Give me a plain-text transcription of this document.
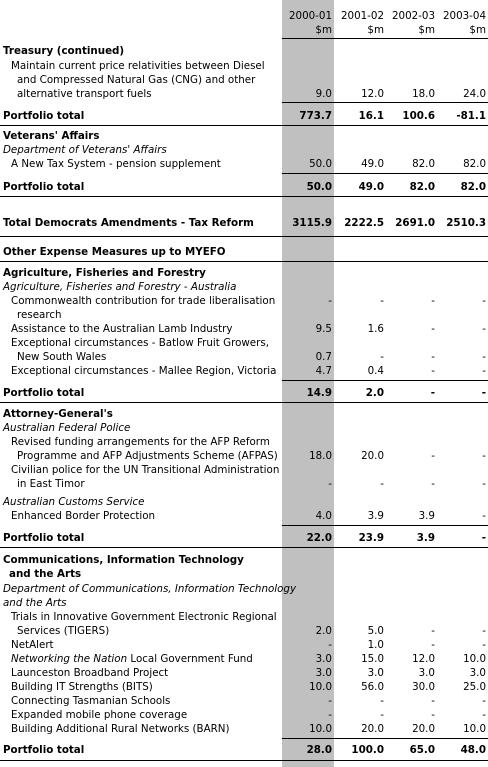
2000-01 2001-02 2002-03 2003-04
$m	$m	$m	$m
Treasury (continued)
Maintain current price relativities between Diesel
and Compressed Natural Gas (CNG) and other
alternative transport fuels	9.0	12.0	18.0	24.0
Portfolio total	773.7	16.1	100.6	-81.1
Veterans' Affairs
Department of Veterans' Affairs
A New Tax System - pension supplement	50.0	49.0	82.0	82.0
Portfolio total	50.0	49.0	82.0	82.0
Total Democrats Amendments - Tax Reform	3115.9	2222.5	2691.0	2510.3
Other Expense Measures up to MYEFO
Agriculture, Fisheries and Forestry
Agriculture, Fisheries and Forestry - Australia
Commonwealth contribution for trade liberalisation	-	-	-	-
research
Assistance to the Australian Lamb Industry	9.5	1.6	-	-
Exceptional circumstances - Batlow Fruit Growers,
New South Wales	0.7	-	-	-
Exceptional circumstances - Mallee Region, Victoria	4.7	0.4	-	-
Portfolio total	14.9	2.0	-	-
Attorney-General's
Australian Federal Police
Revised funding arrangements for the AFP Reform
Programme and AFP Adjustments Scheme (AFPAS)	18.0	20.0	-	-
Civilian police for the UN Transitional Administration
in East Timor	-	-	-	-
Australian Customs Service
Enhanced Border Protection	4.0	3.9	3.9	-
Portfolio total	22.0	23.9	3.9	-
Communications, Information Technology
and the Arts
Department of Communications, Information Technology
and the Arts
Trials in Innovative Government Electronic Regional
Services (TIGERS)	2.0	5.0	-	-
NetAlert	-	1.0	-	-
Networking the Nation Local Government Fund	3.0	15.0	12.0	10.0
Launceston Broadband Project	3.0	3.0	3.0	3.0
Building IT Strengths (BITS)	10.0	56.0	30.0	25.0
Connecting Tasmanian Schools	-	-	-	-
Expanded mobile phone coverage	-	-	-	-
Building Additional Rural Networks (BARN)	10.0	20.0	20.0	10.0
Portfolio total	28.0	100.0	65.0	48.0
